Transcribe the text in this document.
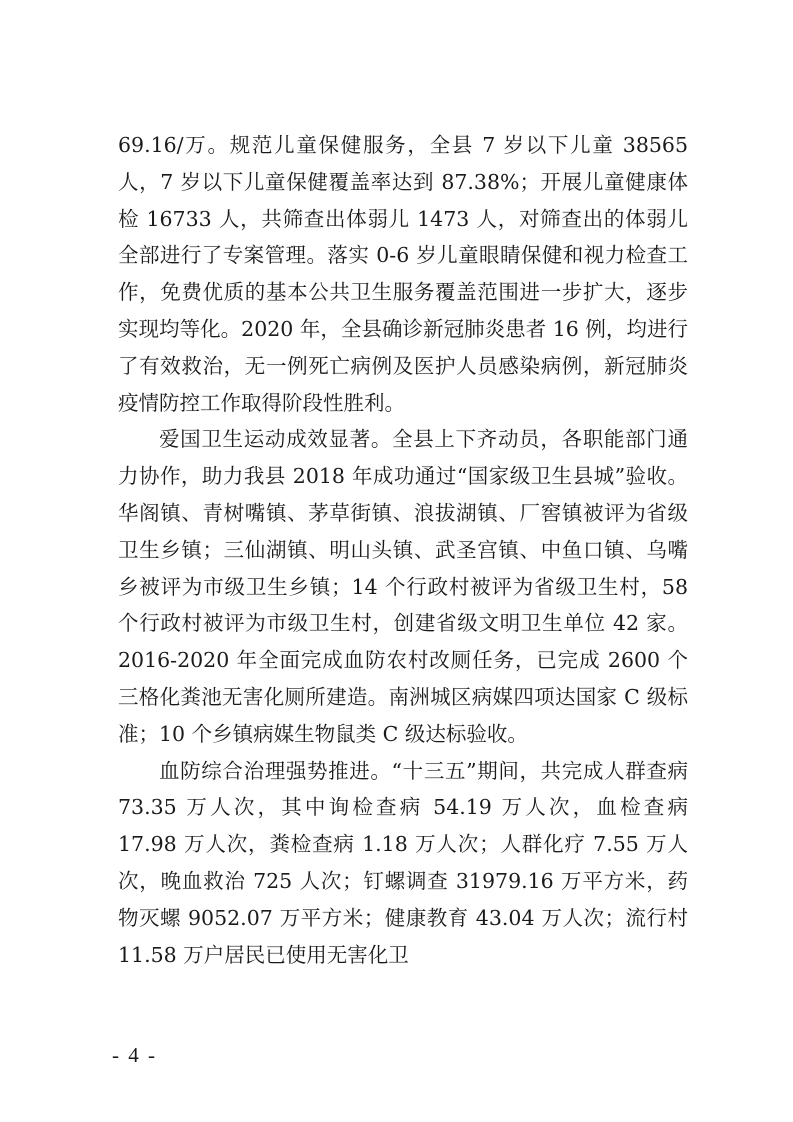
69.16/万。规范儿童保健服务，全县 7 岁以下儿童 38565 人，7 岁以下儿童保健覆盖率达到 87.38%；开展儿童健康体检 16733 人，共筛查出体弱儿 1473 人，对筛查出的体弱儿全部进行了专案管理。落实 0-6 岁儿童眼睛保健和视力检查工作，免费优质的基本公共卫生服务覆盖范围进一步扩大，逐步实现均等化。2020 年，全县确诊新冠肺炎患者 16 例，均进行了有效救治，无一例死亡病例及医护人员感染病例，新冠肺炎疫情防控工作取得阶段性胜利。

爱国卫生运动成效显著。全县上下齐动员，各职能部门通力协作，助力我县 2018 年成功通过“国家级卫生县城”验收。华阁镇、青树嘴镇、茅草街镇、浪拔湖镇、厂窖镇被评为省级卫生乡镇；三仙湖镇、明山头镇、武圣宫镇、中鱼口镇、乌嘴乡被评为市级卫生乡镇；14 个行政村被评为省级卫生村，58 个行政村被评为市级卫生村，创建省级文明卫生单位 42 家。2016-2020 年全面完成血防农村改厕任务，已完成 2600 个三格化粪池无害化厕所建造。南洲城区病媒四项达国家 C 级标准；10 个乡镇病媒生物鼠类 C 级达标验收。

血防综合治理强势推进。“十三五”期间，共完成人群查病 73.35 万人次，其中询检查病 54.19 万人次，血检查病 17.98 万人次，粪检查病 1.18 万人次；人群化疗 7.55 万人次，晚血救治 725 人次；钉螺调查 31979.16 万平方米，药物灭螺 9052.07 万平方米；健康教育 43.04 万人次；流行村 11.58 万户居民已使用无害化卫

- 4 -
